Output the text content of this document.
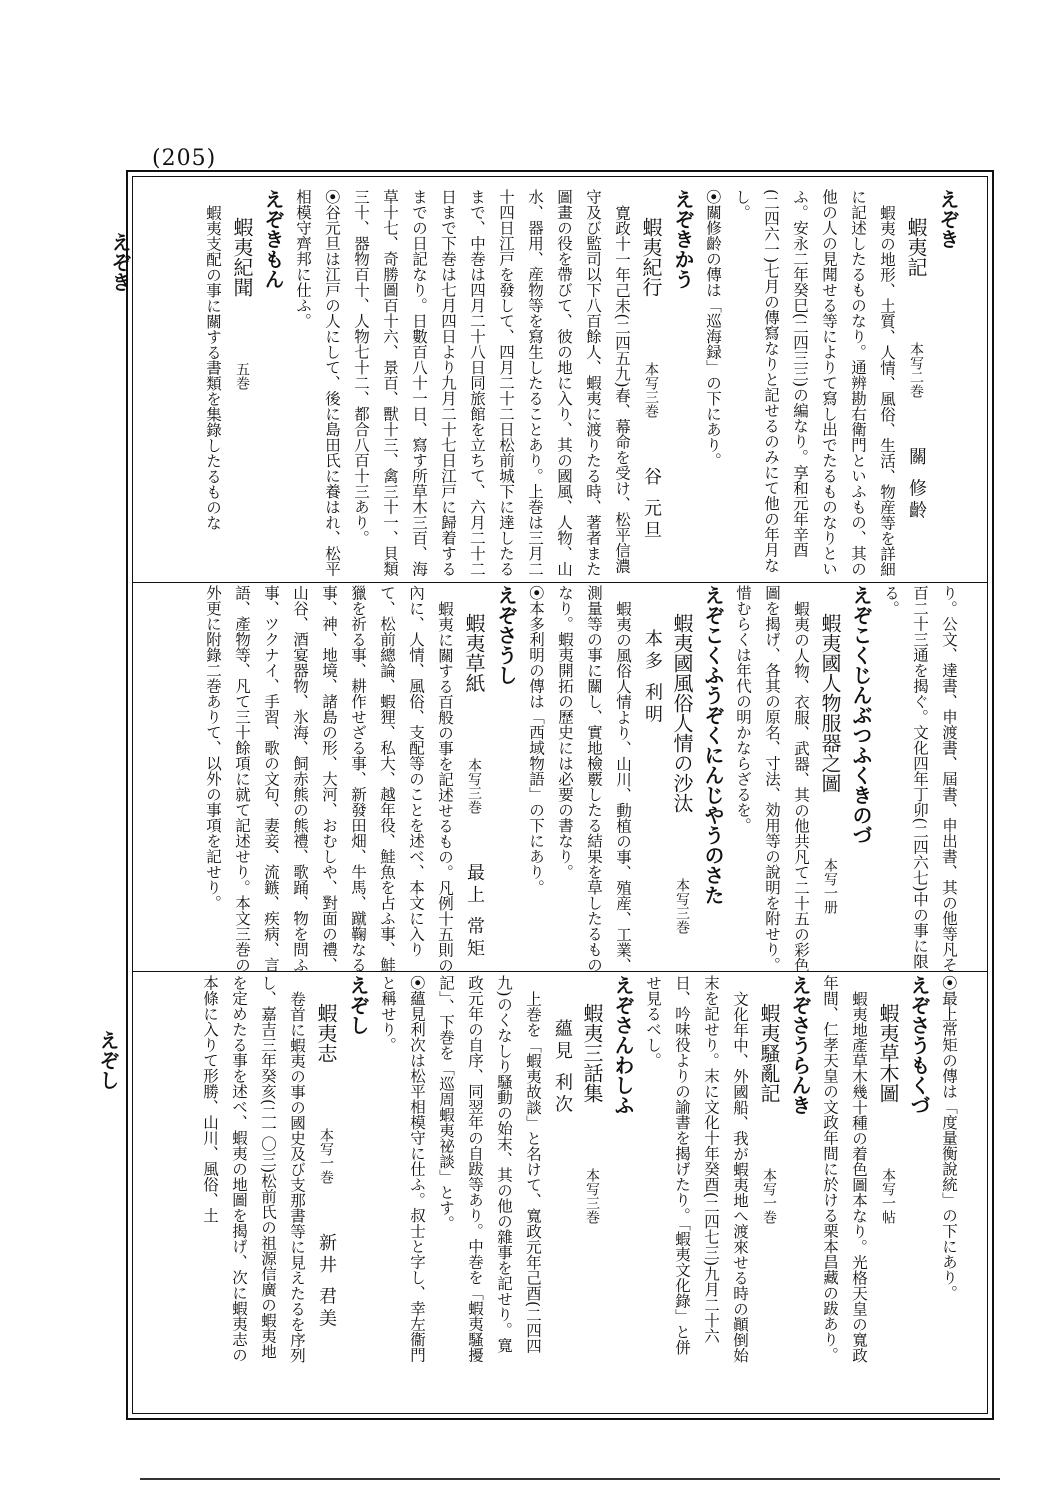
(205)
えぞき
蝦夷記 本写二巻 關 修齡
蝦夷の地形、土質、人情、風俗、生活、物産等を詳細に記述したるものなり。通辨勘右衛門といふもの、其の他の人の見聞せる等によりて寫し出でたるものなりといふ。安永二年癸巳(二四三三)の編なり。享和元年辛酉(二四六一)七月の傳寫なりと記せるのみにて他の年月なし。
⦿關修齡の傳は「巡海録」の下にあり。
えぞきかう
蝦夷紀行 本写三巻 谷 元旦
寛政十一年己未(二四五九)春、幕命を受け、松平信濃守及び監司以下八百餘人、蝦夷に渡りたる時、著者また圖畫の役を帶びて、彼の地に入り、其の國風、人物、山水、器用、産物等を寫生したることあり。上巻は三月二十四日江戸を發して、四月二十二日松前城下に達したるまで、中巻は四月二十八日同旅館を立ちて、六月二十二日まで下巻は七月四日より九月二十七日江戸に歸着するまでの日記なり。日數百八十一日、寫す所草木三百、海草十七、奇勝圖百十六、景百、獸十三、禽三十一、貝類三十、器物百十、人物七十二、都合八百十三あり。
⦿谷元旦は江戸の人にして、後に島田氏に養はれ、松平相模守齊邦に仕ふ。
えぞきもん
蝦夷紀聞 五巻
蝦夷支配の事に關する書類を集錄したるものな
り。公文、達書、申渡書、屆書、申出書、其の他等凡そ百二十三通を揭ぐ。文化四年丁卯(二四六七)中の事に限る。
えぞこくじんぶつふくきのづ
蝦夷國人物服器之圖 本写一册
蝦夷の人物、衣服、武器、其の他共凡て二十五の彩色圖を揭げ、各其の原名、寸法、効用等の說明を附せり。惜むらくは年代の明かならざるを。
えぞこくふうぞくにんじやうのさた
蝦夷國風俗人情の沙汰 本写三巻 本多 利明
蝦夷の風俗人情より、山川、動植の事、殖産、工業、測量等の事に關し、實地檢覈したる結果を草したるものなり。蝦夷開拓の歷史には必要の書なり。
⦿本多利明の傳は「西域物語」の下にあり。
えぞさうし
蝦夷草紙 本写三巻 最上 常矩
蝦夷に關する百般の事を記述せるもの。凡例十五則の內に、人情、風俗、支配等のことを述べ、本文に入りて、松前總論、蝦狸、私大、越年役、鮭魚を占ふ事、鮭獵を祈る事、耕作せざる事、新發田畑、牛馬、蹴鞠なる事、神、地境、諸島の形、大河、おむしや、對面の禮、山谷、酒宴器物、氷海、飼赤熊の熊禮、歌踊、物を問ふ事、ツクナイ、手習、歌の文句、妻妾、流鏃、疾病、言語、產物等、凡て三十餘項に就て記述せり。本文三巻の外更に附錄二巻ありて、以外の事項を記せり。
⦿最上常矩の傳は「度量衡說統」の下にあり。
えぞさうもくづ
蝦夷草木圖 本写一帖
蝦夷地產草木幾十種の着色圖本なり。光格天皇の寬政年間、仁孝天皇の文政年間に於ける栗本昌藏の跋あり。
えぞさうらんき
蝦夷騷亂記 本写一巻
文化年中、外國船、我が蝦夷地へ渡來せる時の顚倒始末を記せり。末に文化十年癸酉(二四七三)九月二十六日、吟味役よりの諭書を揭げたり。「蝦夷文化錄」と併せ見るべし。
えぞさんわしふ
蝦夷三話集 本写三巻 蘊見 利次
上巻を「蝦夷故談」と名けて、寬政元年己酉(二四四九)のくなしり騷動の始末、其の他の雜事を記せり。寬政元年の自序、同翌年の自跋等あり。中巻を「蝦夷騷擾記」、下巻を「巡周蝦夷祕談」とす。
⦿蘊見利次は松平相模守に仕ふ。叔士と字し、幸左衞門と稱せり。
えぞし
蝦夷志 本写一巻 新井 君美
卷首に蝦夷の事の國史及び支那書等に見えたるを序列し、嘉吉三年癸亥(二一〇三)松前氏の祖源信廣の蝦夷地を定めたる事を述べ、蝦夷の地圖を揭げ、次に蝦夷志の本條に入りて形勝、山川、風俗、土
えぞき
えぞし
